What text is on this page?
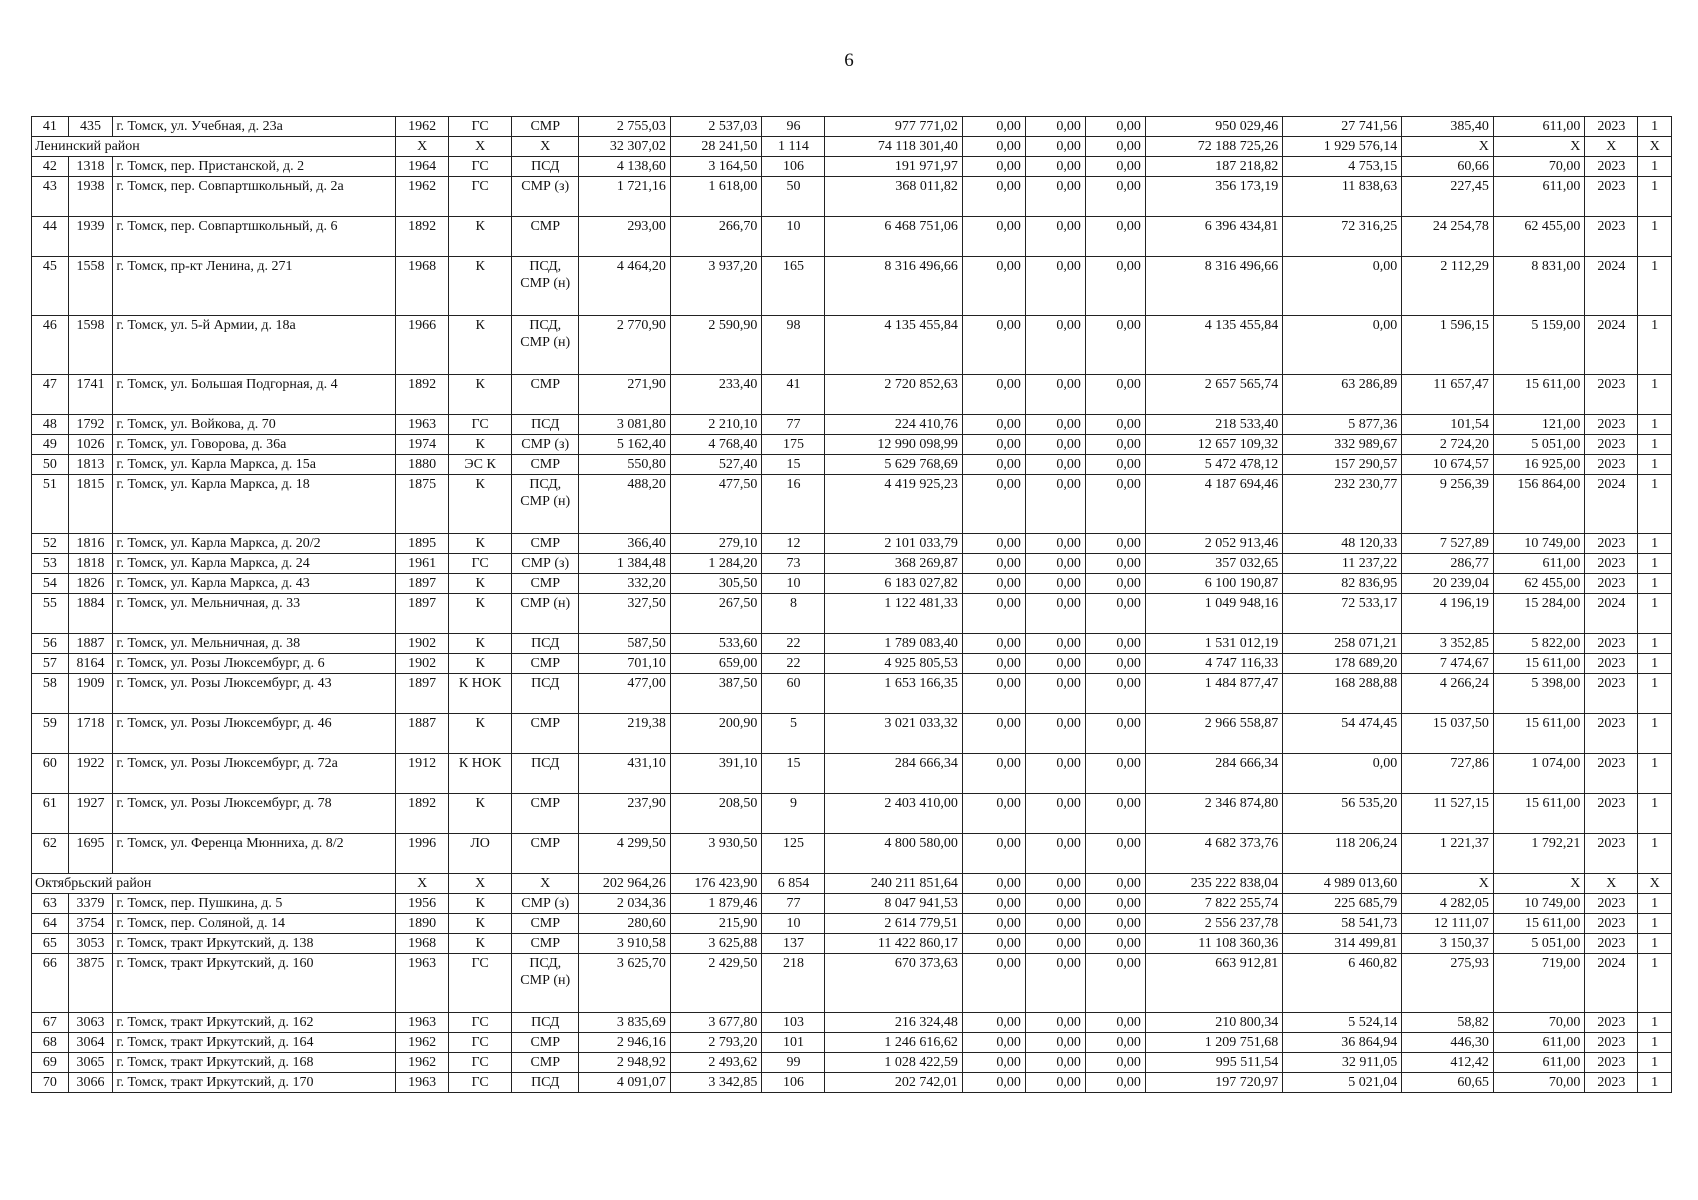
6
41	435	г. Томск, ул. Учебная, д. 23а	1962	ГС	СМР	2 755,03	2 537,03	96	977 771,02	0,00	0,00	0,00	950 029,46	27 741,56	385,40	611,00	2023	1
Ленинский район			X	X	X	32 307,02	28 241,50	1 114	74 118 301,40	0,00	0,00	0,00	72 188 725,26	1 929 576,14	X	X	X	X
42	1318	г. Томск, пер. Пристанской, д. 2	1964	ГС	ПСД	4 138,60	3 164,50	106	191 971,97	0,00	0,00	0,00	187 218,82	4 753,15	60,66	70,00	2023	1
43	1938	г. Томск, пер. Совпартшкольный, д. 2а	1962	ГС	СМР (з)	1 721,16	1 618,00	50	368 011,82	0,00	0,00	0,00	356 173,19	11 838,63	227,45	611,00	2023	1
44	1939	г. Томск, пер. Совпартшкольный, д. 6	1892	К	СМР	293,00	266,70	10	6 468 751,06	0,00	0,00	0,00	6 396 434,81	72 316,25	24 254,78	62 455,00	2023	1
45	1558	г. Томск, пр-кт Ленина, д. 271	1968	К	ПСД, СМР (н)	4 464,20	3 937,20	165	8 316 496,66	0,00	0,00	0,00	8 316 496,66	0,00	2 112,29	8 831,00	2024	1
46	1598	г. Томск, ул. 5-й Армии, д. 18а	1966	К	ПСД, СМР (н)	2 770,90	2 590,90	98	4 135 455,84	0,00	0,00	0,00	4 135 455,84	0,00	1 596,15	5 159,00	2024	1
47	1741	г. Томск, ул. Большая Подгорная, д. 4	1892	К	СМР	271,90	233,40	41	2 720 852,63	0,00	0,00	0,00	2 657 565,74	63 286,89	11 657,47	15 611,00	2023	1
48	1792	г. Томск, ул. Войкова, д. 70	1963	ГС	ПСД	3 081,80	2 210,10	77	224 410,76	0,00	0,00	0,00	218 533,40	5 877,36	101,54	121,00	2023	1
49	1026	г. Томск, ул. Говорова, д. 36а	1974	К	СМР (з)	5 162,40	4 768,40	175	12 990 098,99	0,00	0,00	0,00	12 657 109,32	332 989,67	2 724,20	5 051,00	2023	1
50	1813	г. Томск, ул. Карла Маркса, д. 15а	1880	ЭС К	СМР	550,80	527,40	15	5 629 768,69	0,00	0,00	0,00	5 472 478,12	157 290,57	10 674,57	16 925,00	2023	1
51	1815	г. Томск, ул. Карла Маркса, д. 18	1875	К	ПСД, СМР (н)	488,20	477,50	16	4 419 925,23	0,00	0,00	0,00	4 187 694,46	232 230,77	9 256,39	156 864,00	2024	1
52	1816	г. Томск, ул. Карла Маркса, д. 20/2	1895	К	СМР	366,40	279,10	12	2 101 033,79	0,00	0,00	0,00	2 052 913,46	48 120,33	7 527,89	10 749,00	2023	1
53	1818	г. Томск, ул. Карла Маркса, д. 24	1961	ГС	СМР (з)	1 384,48	1 284,20	73	368 269,87	0,00	0,00	0,00	357 032,65	11 237,22	286,77	611,00	2023	1
54	1826	г. Томск, ул. Карла Маркса, д. 43	1897	К	СМР	332,20	305,50	10	6 183 027,82	0,00	0,00	0,00	6 100 190,87	82 836,95	20 239,04	62 455,00	2023	1
55	1884	г. Томск, ул. Мельничная, д. 33	1897	К	СМР (н)	327,50	267,50	8	1 122 481,33	0,00	0,00	0,00	1 049 948,16	72 533,17	4 196,19	15 284,00	2024	1
56	1887	г. Томск, ул. Мельничная, д. 38	1902	К	ПСД	587,50	533,60	22	1 789 083,40	0,00	0,00	0,00	1 531 012,19	258 071,21	3 352,85	5 822,00	2023	1
57	8164	г. Томск, ул. Розы Люксембург, д. 6	1902	К	СМР	701,10	659,00	22	4 925 805,53	0,00	0,00	0,00	4 747 116,33	178 689,20	7 474,67	15 611,00	2023	1
58	1909	г. Томск, ул. Розы Люксембург, д. 43	1897	К НОК	ПСД	477,00	387,50	60	1 653 166,35	0,00	0,00	0,00	1 484 877,47	168 288,88	4 266,24	5 398,00	2023	1
59	1718	г. Томск, ул. Розы Люксембург, д. 46	1887	К	СМР	219,38	200,90	5	3 021 033,32	0,00	0,00	0,00	2 966 558,87	54 474,45	15 037,50	15 611,00	2023	1
60	1922	г. Томск, ул. Розы Люксембург, д. 72а	1912	К НОК	ПСД	431,10	391,10	15	284 666,34	0,00	0,00	0,00	284 666,34	0,00	727,86	1 074,00	2023	1
61	1927	г. Томск, ул. Розы Люксембург, д. 78	1892	К	СМР	237,90	208,50	9	2 403 410,00	0,00	0,00	0,00	2 346 874,80	56 535,20	11 527,15	15 611,00	2023	1
62	1695	г. Томск, ул. Ференца Мюнниха, д. 8/2	1996	ЛО	СМР	4 299,50	3 930,50	125	4 800 580,00	0,00	0,00	0,00	4 682 373,76	118 206,24	1 221,37	1 792,21	2023	1
Октябрьский район			X	X	X	202 964,26	176 423,90	6 854	240 211 851,64	0,00	0,00	0,00	235 222 838,04	4 989 013,60	X	X	X	X
63	3379	г. Томск, пер. Пушкина, д. 5	1956	К	СМР (з)	2 034,36	1 879,46	77	8 047 941,53	0,00	0,00	0,00	7 822 255,74	225 685,79	4 282,05	10 749,00	2023	1
64	3754	г. Томск, пер. Соляной, д. 14	1890	К	СМР	280,60	215,90	10	2 614 779,51	0,00	0,00	0,00	2 556 237,78	58 541,73	12 111,07	15 611,00	2023	1
65	3053	г. Томск, тракт Иркутский, д. 138	1968	К	СМР	3 910,58	3 625,88	137	11 422 860,17	0,00	0,00	0,00	11 108 360,36	314 499,81	3 150,37	5 051,00	2023	1
66	3875	г. Томск, тракт Иркутский, д. 160	1963	ГС	ПСД, СМР (н)	3 625,70	2 429,50	218	670 373,63	0,00	0,00	0,00	663 912,81	6 460,82	275,93	719,00	2024	1
67	3063	г. Томск, тракт Иркутский, д. 162	1963	ГС	ПСД	3 835,69	3 677,80	103	216 324,48	0,00	0,00	0,00	210 800,34	5 524,14	58,82	70,00	2023	1
68	3064	г. Томск, тракт Иркутский, д. 164	1962	ГС	СМР	2 946,16	2 793,20	101	1 246 616,62	0,00	0,00	0,00	1 209 751,68	36 864,94	446,30	611,00	2023	1
69	3065	г. Томск, тракт Иркутский, д. 168	1962	ГС	СМР	2 948,92	2 493,62	99	1 028 422,59	0,00	0,00	0,00	995 511,54	32 911,05	412,42	611,00	2023	1
70	3066	г. Томск, тракт Иркутский, д. 170	1963	ГС	ПСД	4 091,07	3 342,85	106	202 742,01	0,00	0,00	0,00	197 720,97	5 021,04	60,65	70,00	2023	1
